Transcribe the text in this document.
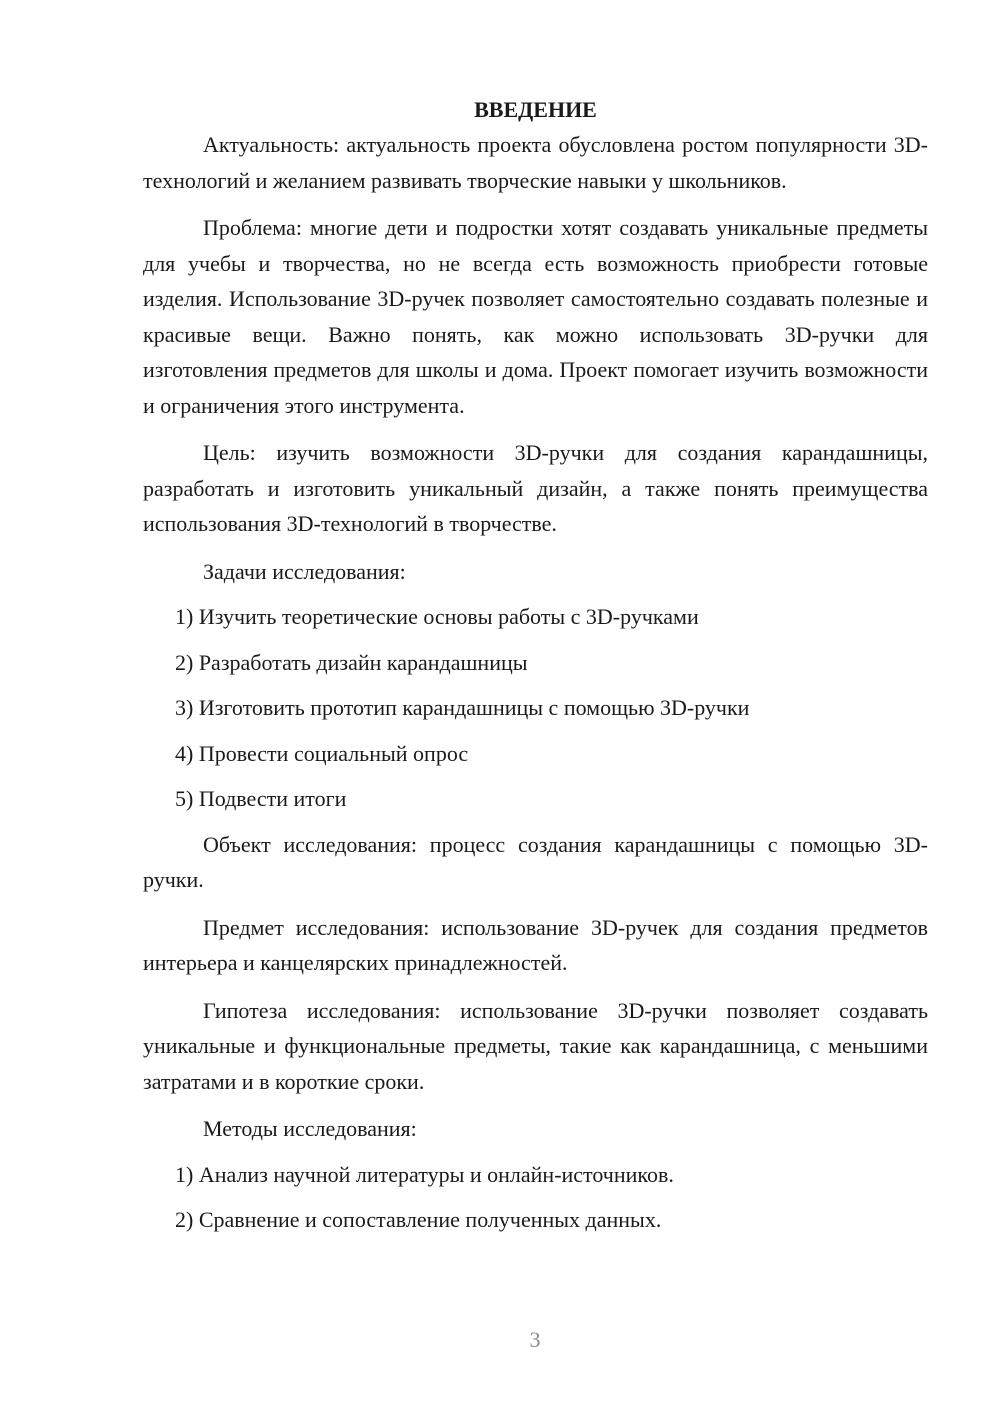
ВВЕДЕНИЕ

Актуальность: актуальность проекта обусловлена ростом популярности 3D-технологий и желанием развивать творческие навыки у школьников.

Проблема: многие дети и подростки хотят создавать уникальные предметы для учебы и творчества, но не всегда есть возможность приобрести готовые изделия. Использование 3D-ручек позволяет самостоятельно создавать полезные и красивые вещи. Важно понять, как можно использовать 3D-ручки для изготовления предметов для школы и дома. Проект помогает изучить возможности и ограничения этого инструмента.

Цель: изучить возможности 3D-ручки для создания карандашницы, разработать и изготовить уникальный дизайн, а также понять преимущества использования 3D-технологий в творчестве.

Задачи исследования:

1) Изучить теоретические основы работы с 3D-ручками
2) Разработать дизайн карандашницы
3) Изготовить прототип карандашницы с помощью 3D-ручки
4) Провести социальный опрос
5) Подвести итоги

Объект исследования: процесс создания карандашницы с помощью 3D-ручки.

Предмет исследования: использование 3D-ручек для создания предметов интерьера и канцелярских принадлежностей.

Гипотеза исследования: использование 3D-ручки позволяет создавать уникальные и функциональные предметы, такие как карандашница, с меньшими затратами и в короткие сроки.

Методы исследования:

1) Анализ научной литературы и онлайн-источников.
2) Сравнение и сопоставление полученных данных.
3
